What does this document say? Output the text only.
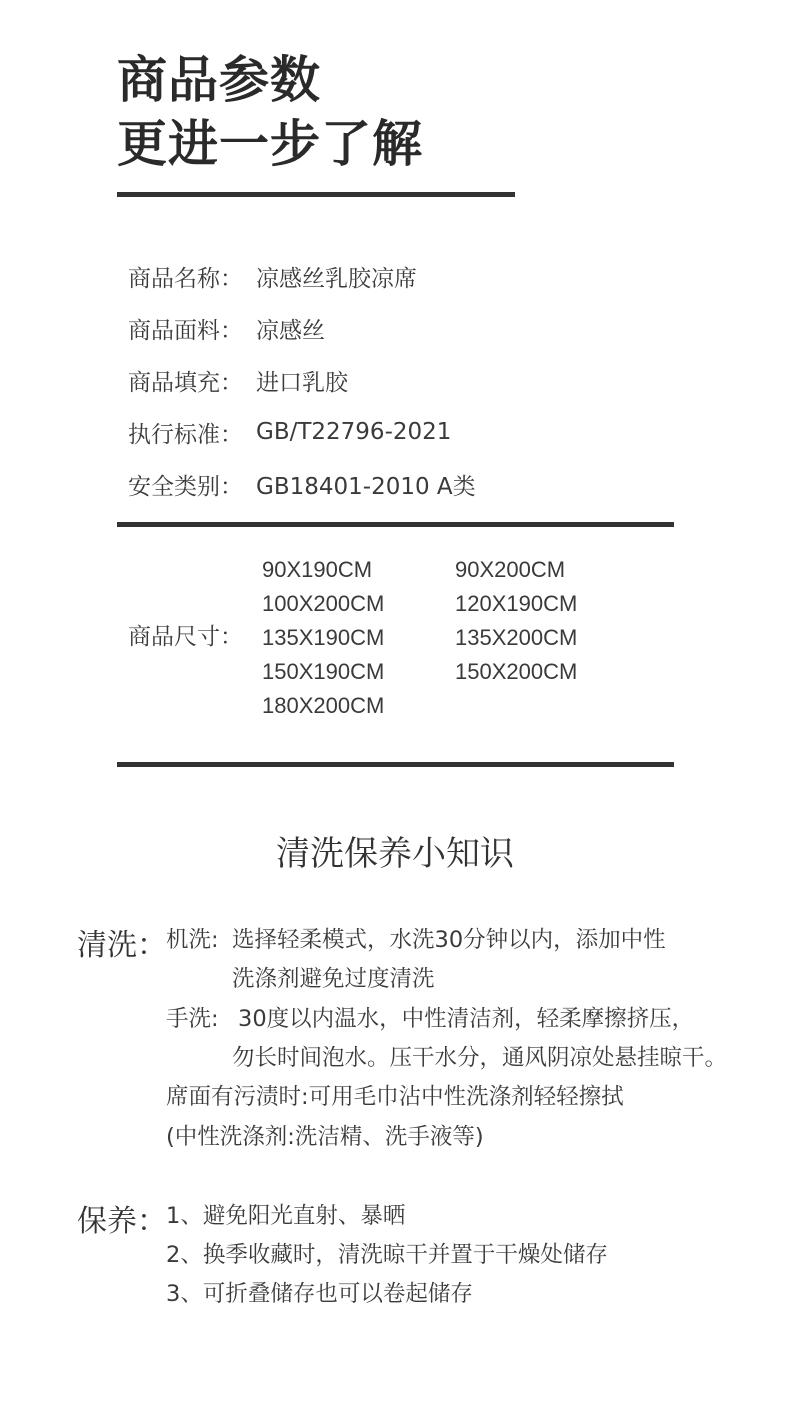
商品参数
更进一步了解
商品名称： 凉感丝乳胶凉席
商品面料： 凉感丝
商品填充： 进口乳胶
执行标准： GB/T22796-2021
安全类别： GB18401-2010 A类
商品尺寸：
90X190CM	90X200CM
100X200CM	120X190CM
135X190CM	135X200CM
150X190CM	150X200CM
180X200CM
清洗保养小知识
清洗： 机洗: 选择轻柔模式，水洗30分钟以内，添加中性
洗涤剂避免过度清洗
手洗: 30度以内温水，中性清洁剂，轻柔摩擦挤压，
勿长时间泡水。压干水分，通风阴凉处悬挂晾干。
席面有污渍时:可用毛巾沾中性洗涤剂轻轻擦拭
(中性洗涤剂:洗洁精、洗手液等)
保养： 1、避免阳光直射、暴晒
2、换季收藏时，清洗晾干并置于干燥处储存
3、可折叠储存也可以卷起储存
